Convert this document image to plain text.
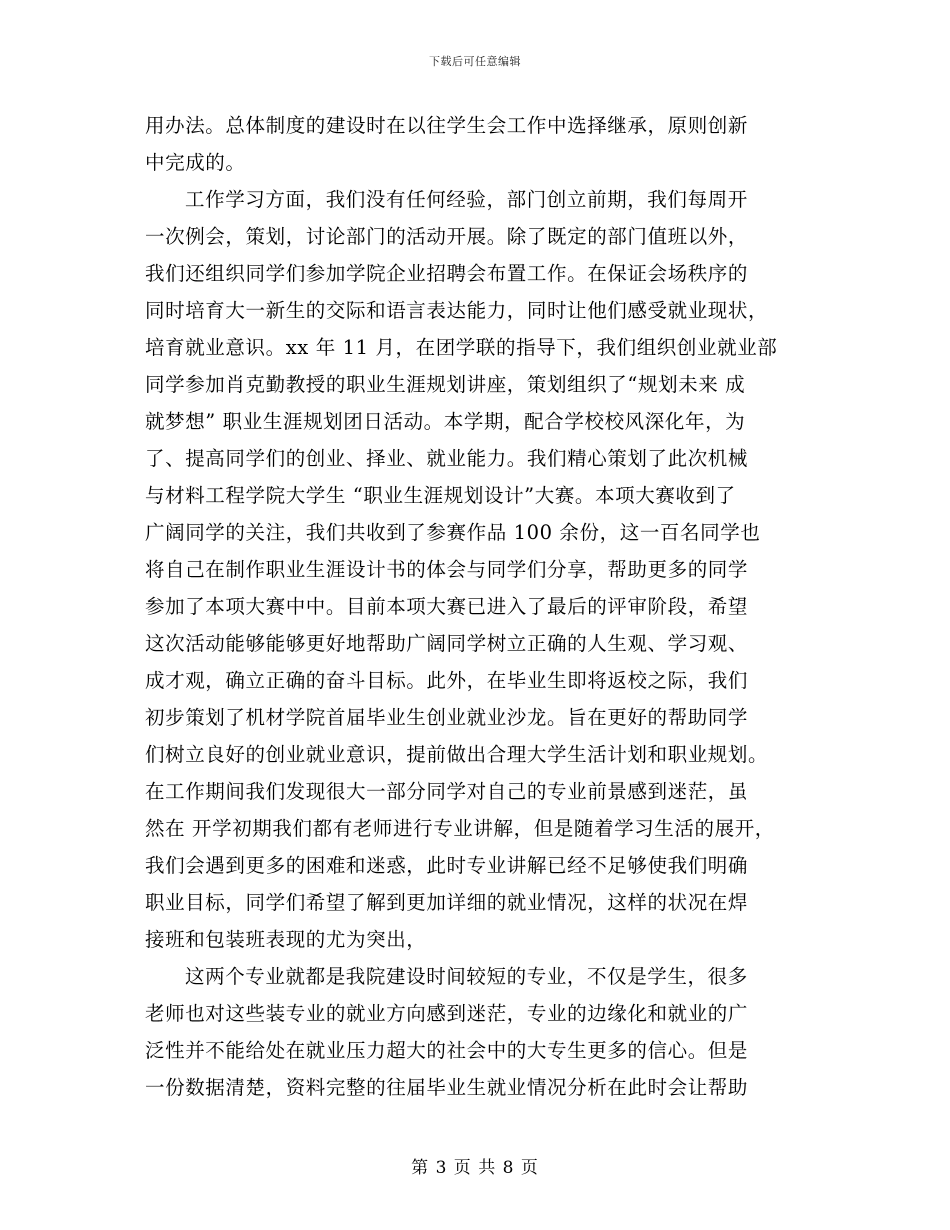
下载后可任意编辑
用办法。总体制度的建设时在以往学生会工作中选择继承，原则创新
中完成的。
工作学习方面，我们没有任何经验，部门创立前期，我们每周开
一次例会，策划，讨论部门的活动开展。除了既定的部门值班以外，
我们还组织同学们参加学院企业招聘会布置工作。在保证会场秩序的
同时培育大一新生的交际和语言表达能力，同时让他们感受就业现状，
培育就业意识。xx 年 11 月，在团学联的指导下，我们组织创业就业部
同学参加肖克勤教授的职业生涯规划讲座，策划组织了“规划未来 成
就梦想” 职业生涯规划团日活动。本学期，配合学校校风深化年，为
了、提高同学们的创业、择业、就业能力。我们精心策划了此次机械
与材料工程学院大学生 “职业生涯规划设计”大赛。本项大赛收到了
广阔同学的关注，我们共收到了参赛作品 100 余份，这一百名同学也
将自己在制作职业生涯设计书的体会与同学们分享，帮助更多的同学
参加了本项大赛中中。目前本项大赛已进入了最后的评审阶段，希望
这次活动能够能够更好地帮助广阔同学树立正确的人生观、学习观、
成才观，确立正确的奋斗目标。此外，在毕业生即将返校之际，我们
初步策划了机材学院首届毕业生创业就业沙龙。旨在更好的帮助同学
们树立良好的创业就业意识，提前做出合理大学生活计划和职业规划。
在工作期间我们发现很大一部分同学对自己的专业前景感到迷茫，虽
然在 开学初期我们都有老师进行专业讲解，但是随着学习生活的展开，
我们会遇到更多的困难和迷惑，此时专业讲解已经不足够使我们明确
职业目标，同学们希望了解到更加详细的就业情况，这样的状况在焊
接班和包装班表现的尤为突出，
这两个专业就都是我院建设时间较短的专业，不仅是学生，很多
老师也对这些装专业的就业方向感到迷茫，专业的边缘化和就业的广
泛性并不能给处在就业压力超大的社会中的大专生更多的信心。但是
一份数据清楚，资料完整的往届毕业生就业情况分析在此时会让帮助
第 3 页 共 8 页
